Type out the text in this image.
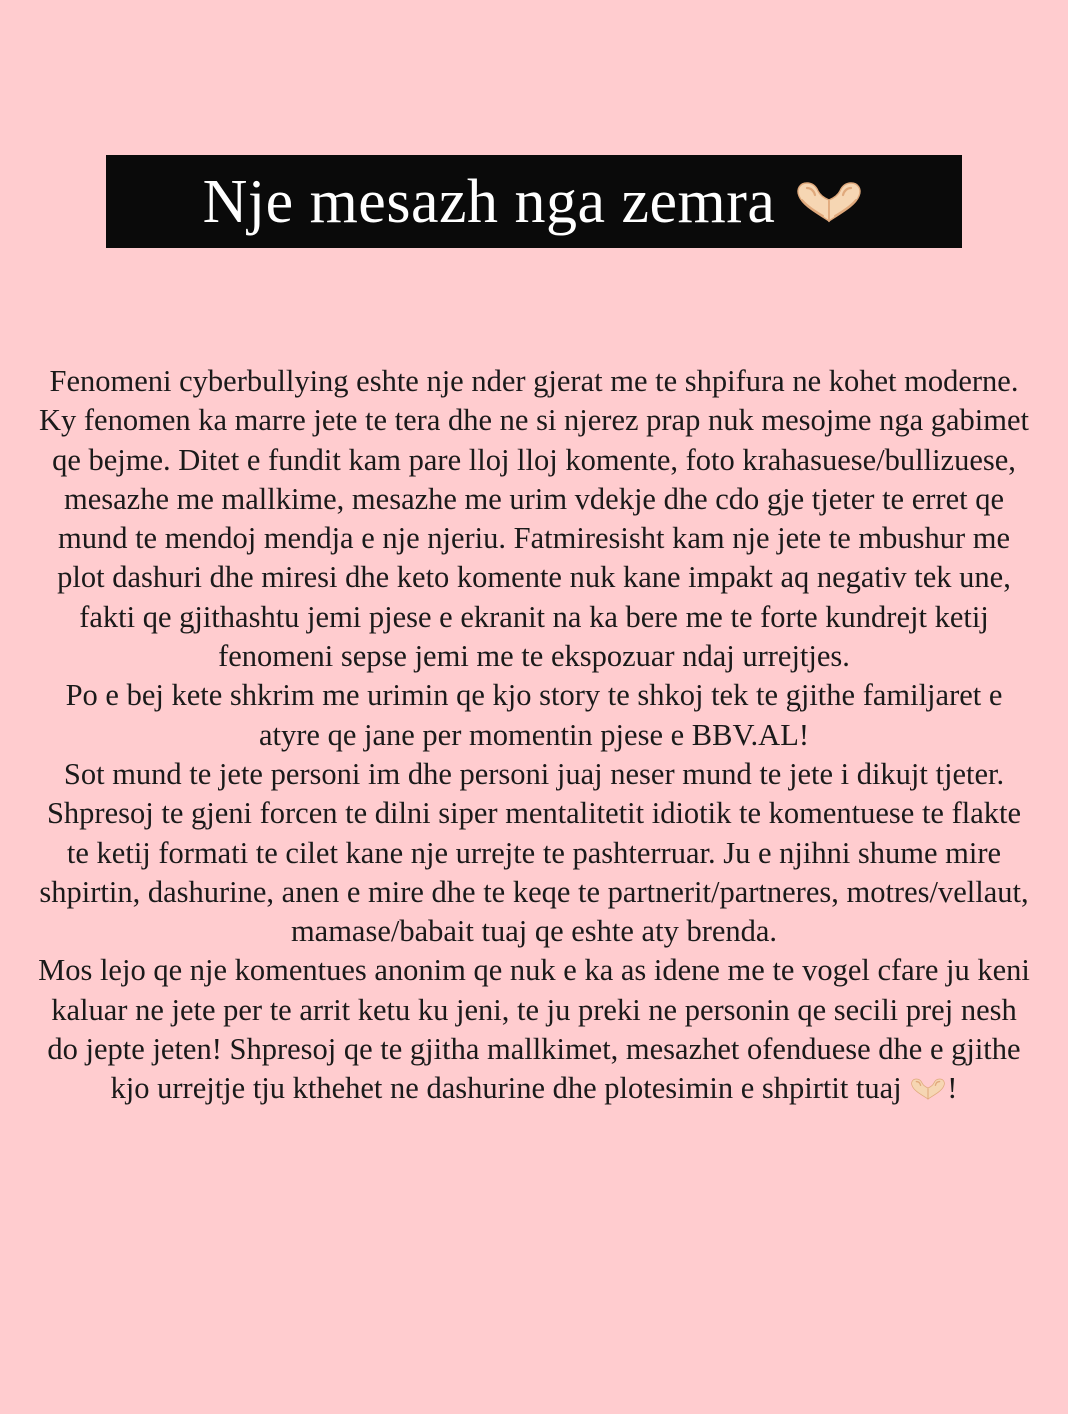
Nje mesazh nga zemra

Fenomeni cyberbullying eshte nje nder gjerat me te shpifura ne kohet moderne. Ky fenomen ka marre jete te tera dhe ne si njerez prap nuk mesojme nga gabimet qe bejme. Ditet e fundit kam pare lloj lloj komente, foto krahasuese/bullizuese, mesazhe me mallkime, mesazhe me urim vdekje dhe cdo gje tjeter te erret qe mund te mendoj mendja e nje njeriu. Fatmiresisht kam nje jete te mbushur me plot dashuri dhe miresi dhe keto komente nuk kane impakt aq negativ tek une, fakti qe gjithashtu jemi pjese e ekranit na ka bere me te forte kundrejt ketij fenomeni sepse jemi me te ekspozuar ndaj urrejtjes.

Po e bej kete shkrim me urimin qe kjo story te shkoj tek te gjithe familjaret e atyre qe jane per momentin pjese e BBV.AL!

Sot mund te jete personi im dhe personi juaj neser mund te jete i dikujt tjeter. Shpresoj te gjeni forcen te dilni siper mentalitetit idiotik te komentuese te flakte te ketij formati te cilet kane nje urrejte te pashterruar. Ju e njihni shume mire shpirtin, dashurine, anen e mire dhe te keqe te partnerit/partneres, motres/vellaut, mamase/babait tuaj qe eshte aty brenda.

Mos lejo qe nje komentues anonim qe nuk e ka as idene me te vogel cfare ju keni kaluar ne jete per te arrit ketu ku jeni, te ju preki ne personin qe secili prej nesh do jepte jeten! Shpresoj qe te gjitha mallkimet, mesazhet ofenduese dhe e gjithe kjo urrejtje tju kthehet ne dashurine dhe plotesimin e shpirtit tuaj !
